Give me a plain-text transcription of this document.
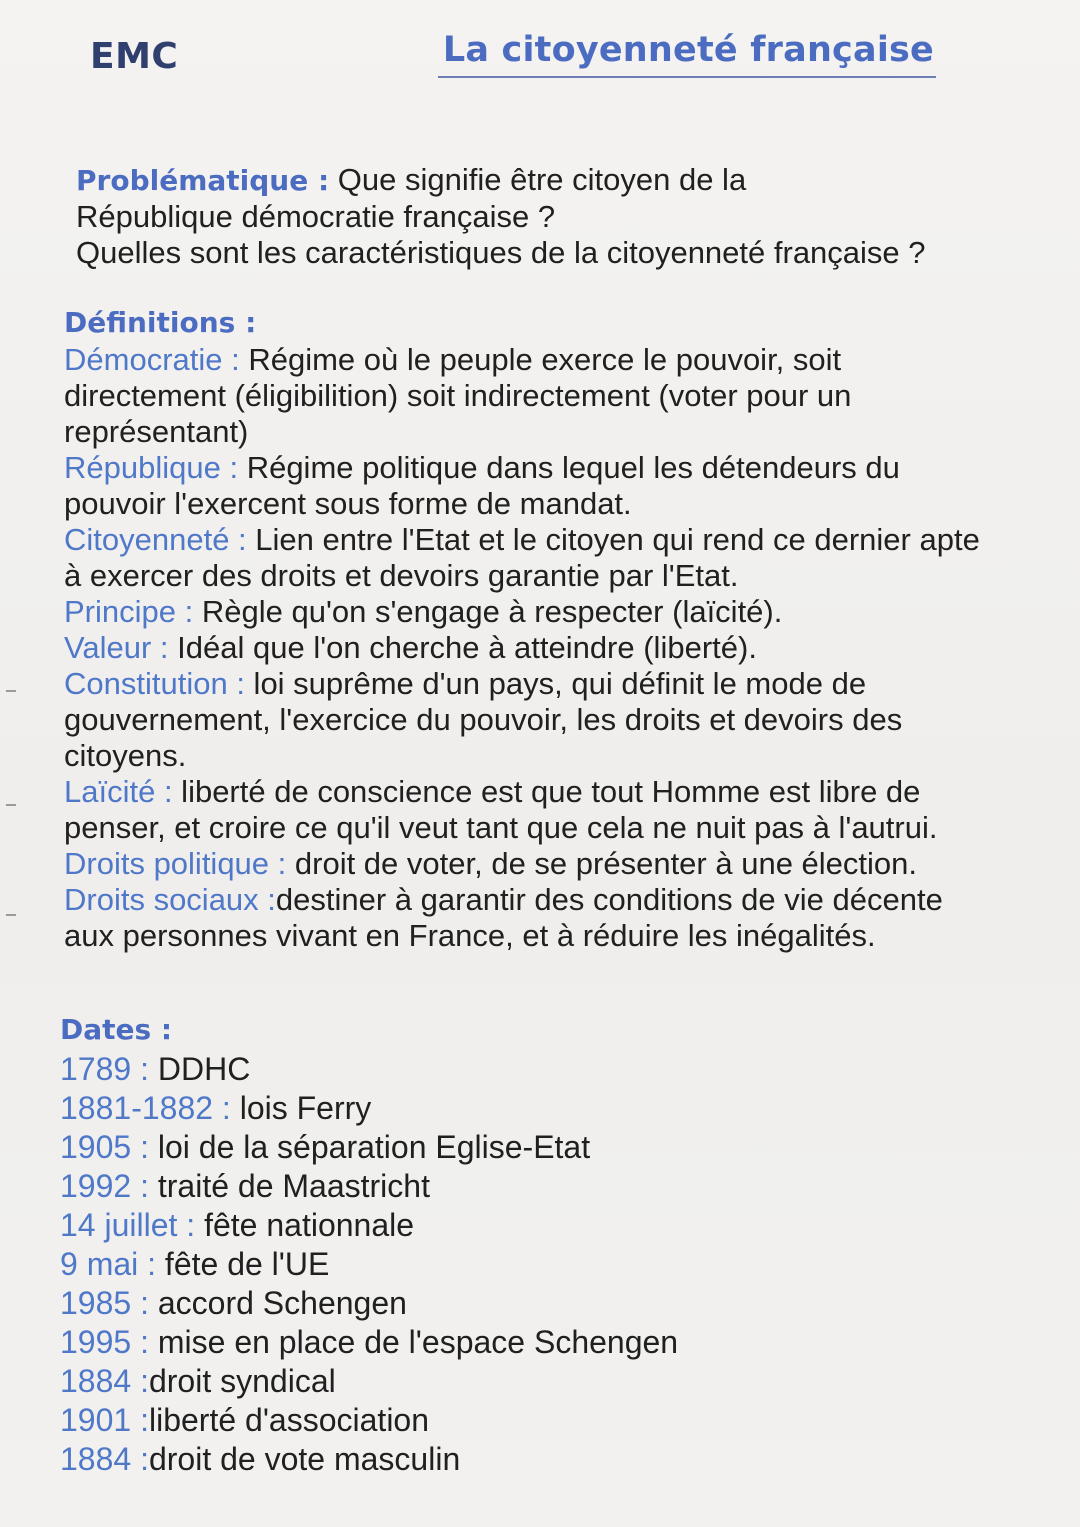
EMC	La citoyenneté française
Problématique : Que signifie être citoyen de la
République démocratie française ?
Quelles sont les caractéristiques de la citoyenneté française ?
Définitions :
Démocratie : Régime où le peuple exerce le pouvoir, soit
directement (éligibilition) soit indirectement (voter pour un
représentant)
République : Régime politique dans lequel les détendeurs du
pouvoir l'exercent sous forme de mandat.
Citoyenneté : Lien entre l'Etat et le citoyen qui rend ce dernier apte
à exercer des droits et devoirs garantie par l'Etat.
Principe : Règle qu'on s'engage à respecter (laïcité).
Valeur : Idéal que l'on cherche à atteindre (liberté).
Constitution : loi suprême d'un pays, qui définit le mode de
gouvernement, l'exercice du pouvoir, les droits et devoirs des
citoyens.
Laïcité : liberté de conscience est que tout Homme est libre de
penser, et croire ce qu'il veut tant que cela ne nuit pas à l'autrui.
Droits politique : droit de voter, de se présenter à une élection.
Droits sociaux :destiner à garantir des conditions de vie décente
aux personnes vivant en France, et à réduire les inégalités.
Dates :
1789 : DDHC
1881-1882 : lois Ferry
1905 : loi de la séparation Eglise-Etat
1992 : traité de Maastricht
14 juillet : fête nationnale
9 mai : fête de l'UE
1985 : accord Schengen
1995 : mise en place de l'espace Schengen
1884 :droit syndical
1901 :liberté d'association
1884 :droit de vote masculin
